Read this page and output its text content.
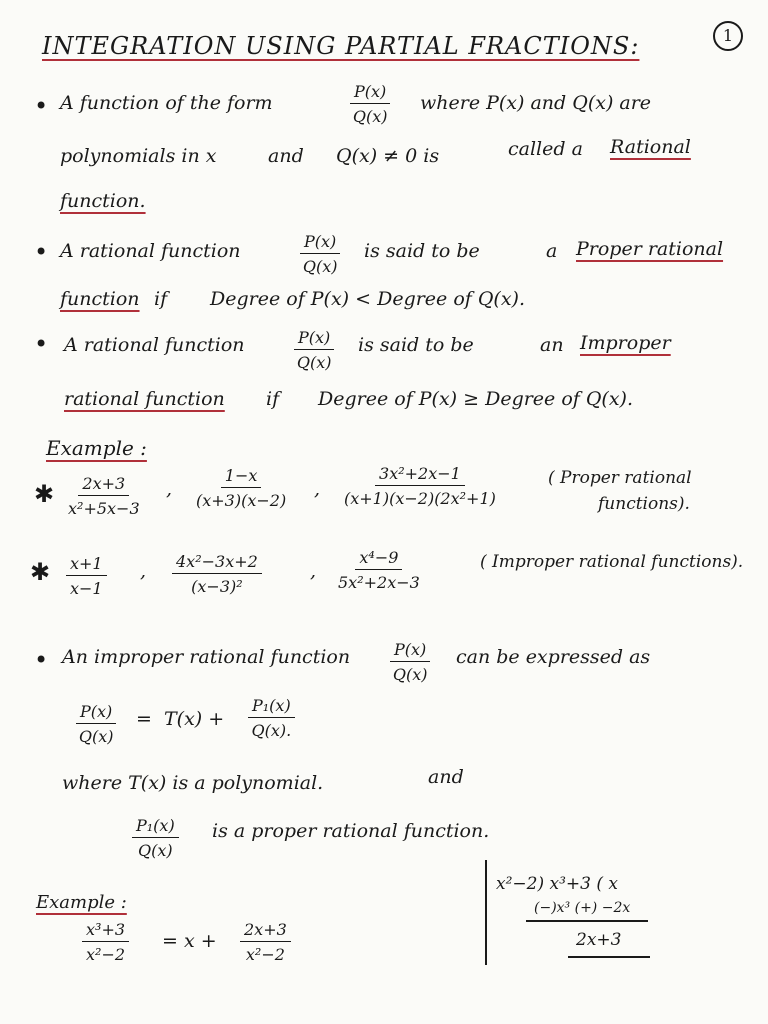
1
INTEGRATION USING PARTIAL FRACTIONS:
• A function of the form	$\frac{P(x)}{Q(x)}$ where P(x) and Q(x) are
polynomials in x	and Q(x) ≠ 0 is	called a Rational
function.
• A rational function	$\frac{P(x)}{Q(x)}$ is said to be	a Proper rational
function if Degree of P(x) < Degree of Q(x).
• A rational function	$\frac{P(x)}{Q(x)}$ is said to be	an Improper
rational function if Degree of P(x) ≥ Degree of Q(x).
Example :
✱ $\frac{2x+3}{\text{x²+5x−3}}$ , $\frac{1-x}{(x+3)(x-2)}$ , $\frac{\text{3x²+2x−1}}{\text{(x+1)(x−2)(2x²+1)}}$	( Proper rational
functions).
✱ $\frac{x+1}{x-1}$ , $\frac{\text{4x²−3x+2}}{\text{(x−3)²}}$	, $\frac{\text{x⁴−9}}{\text{5x²+2x−3}}$	( Improper rational functions).
• An improper rational function $\frac{P(x)}{Q(x)}$ can be expressed as
$\frac{P(x)}{Q(x)} = T(x) + \frac{\text{P₁(x)}}{Q(x).}$
where T(x) is a polynomial.	and
$\frac{\text{P₁(x)}}{Q(x)}$ is a proper rational function.
Example :
$\frac{\text{x³+3}}{\text{x²−2}} = x + \frac{2x+3}{\text{x²−2}}$
x²−2) x³+3 ( x
(−)x³ (+) −2x
2x+3
